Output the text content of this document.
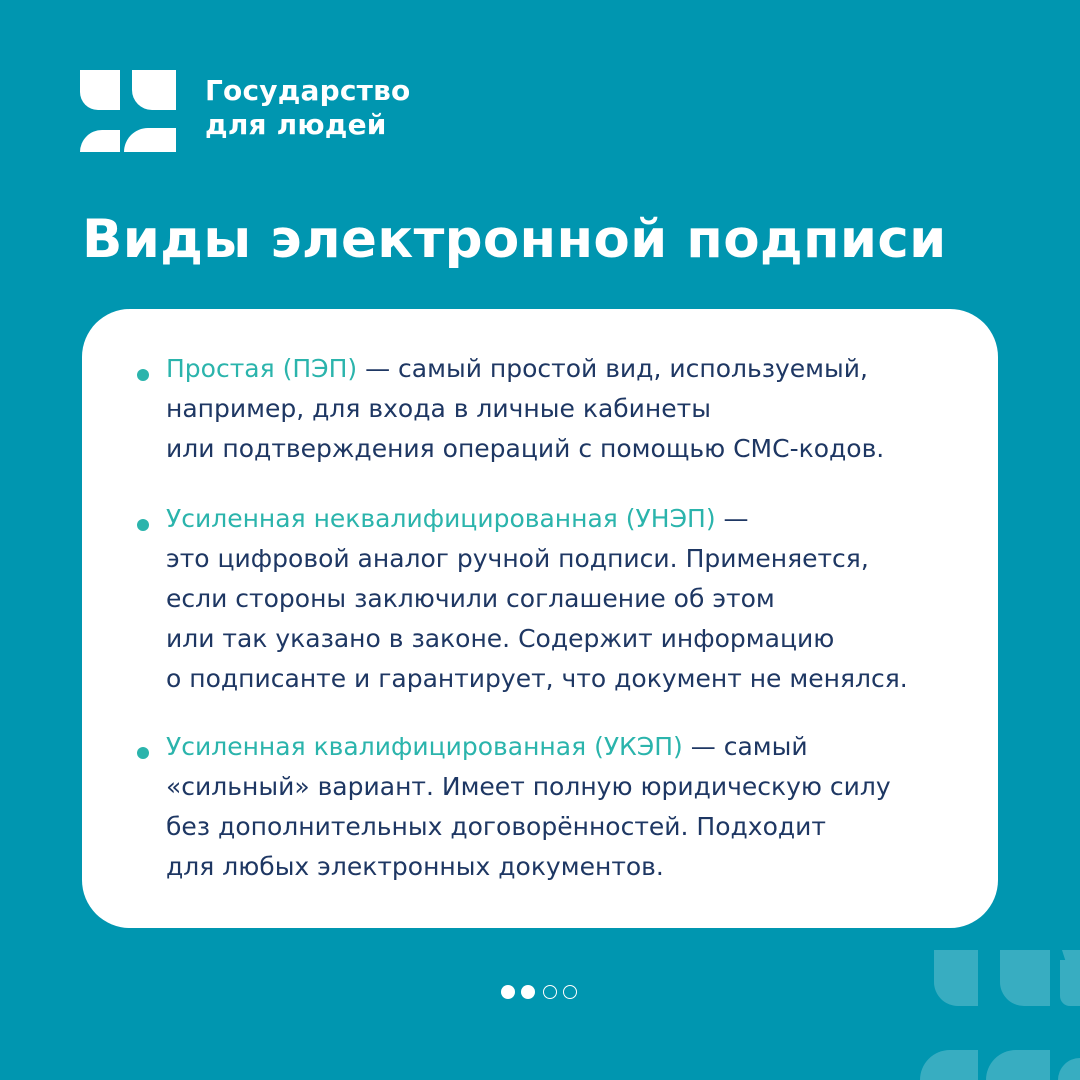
Государство
для людей
Виды электронной подписи
Простая (ПЭП) — самый простой вид, используемый,
например, для входа в личные кабинеты
или подтверждения операций с помощью СМС-кодов.
Усиленная неквалифицированная (УНЭП) —
это цифровой аналог ручной подписи. Применяется,
если стороны заключили соглашение об этом
или так указано в законе. Содержит информацию
о подписанте и гарантирует, что документ не менялся.
Усиленная квалифицированная (УКЭП) — самый
«сильный» вариант. Имеет полную юридическую силу
без дополнительных договорённостей. Подходит
для любых электронных документов.
